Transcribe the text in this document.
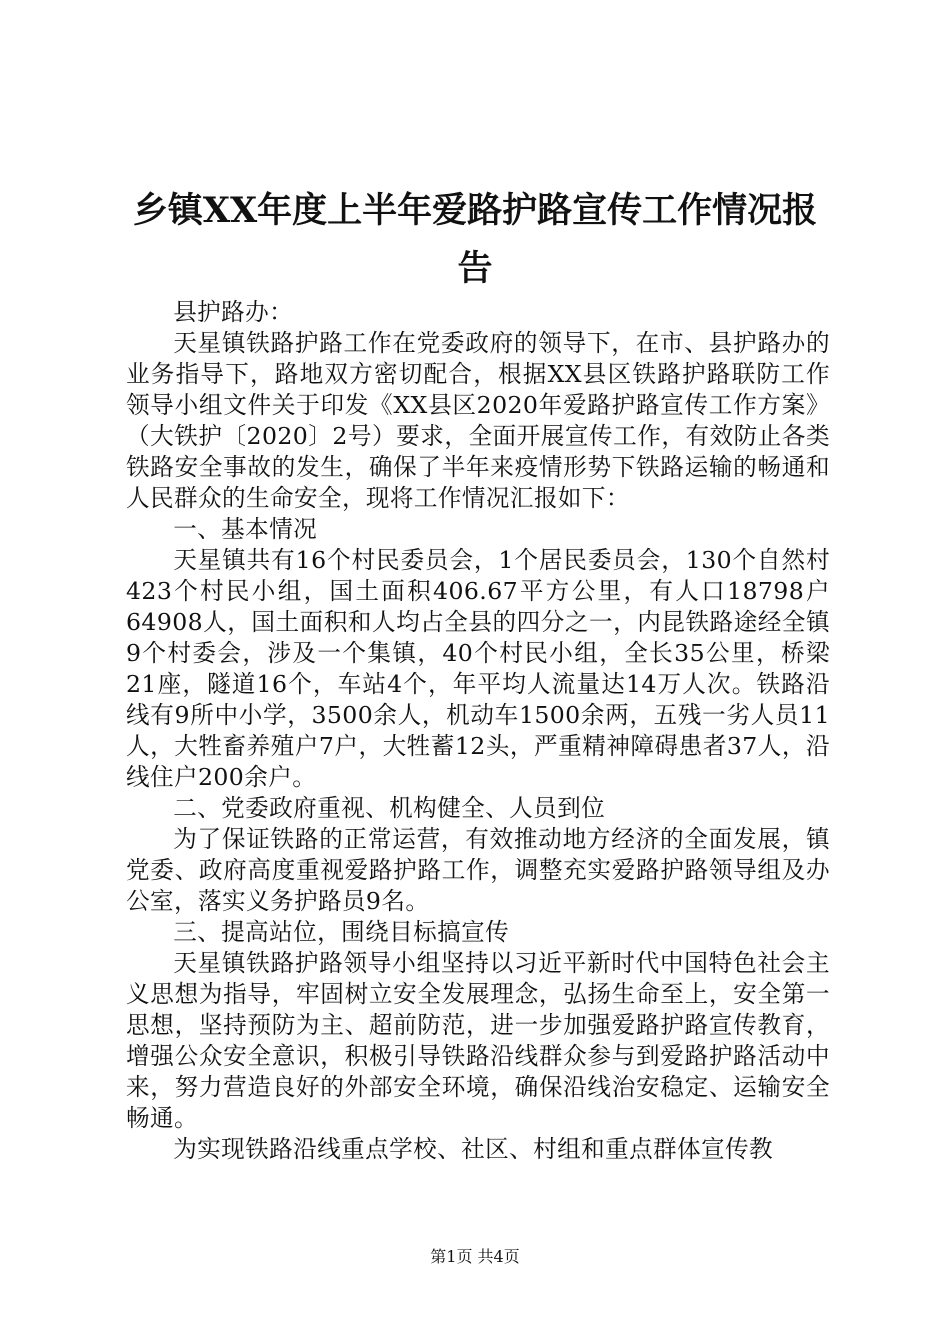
乡镇XX年度上半年爱路护路宣传工作情况报告

县护路办：

天星镇铁路护路工作在党委政府的领导下，在市、县护路办的业务指导下，路地双方密切配合，根据XX县区铁路护路联防工作领导小组文件关于印发《XX县区2020年爱路护路宣传工作方案》（大铁护〔2020〕2号）要求，全面开展宣传工作，有效防止各类铁路安全事故的发生，确保了半年来疫情形势下铁路运输的畅通和人民群众的生命安全，现将工作情况汇报如下：

一、基本情况

天星镇共有16个村民委员会，1个居民委员会，130个自然村423个村民小组，国土面积406.67平方公里，有人口18798户64908人，国土面积和人均占全县的四分之一，内昆铁路途经全镇9个村委会，涉及一个集镇，40个村民小组，全长35公里，桥梁21座，隧道16个，车站4个，年平均人流量达14万人次。铁路沿线有9所中小学，3500余人，机动车1500余两，五残一劣人员11人，大牲畜养殖户7户，大牲蓄12头，严重精神障碍患者37人，沿线住户200余户。

二、党委政府重视、机构健全、人员到位

为了保证铁路的正常运营，有效推动地方经济的全面发展，镇党委、政府高度重视爱路护路工作，调整充实爱路护路领导组及办公室，落实义务护路员9名。

三、提高站位，围绕目标搞宣传

天星镇铁路护路领导小组坚持以习近平新时代中国特色社会主义思想为指导，牢固树立安全发展理念，弘扬生命至上，安全第一思想，坚持预防为主、超前防范，进一步加强爱路护路宣传教育，增强公众安全意识，积极引导铁路沿线群众参与到爱路护路活动中来，努力营造良好的外部安全环境，确保沿线治安稳定、运输安全畅通。

为实现铁路沿线重点学校、社区、村组和重点群体宣传教

第1页 共4页
